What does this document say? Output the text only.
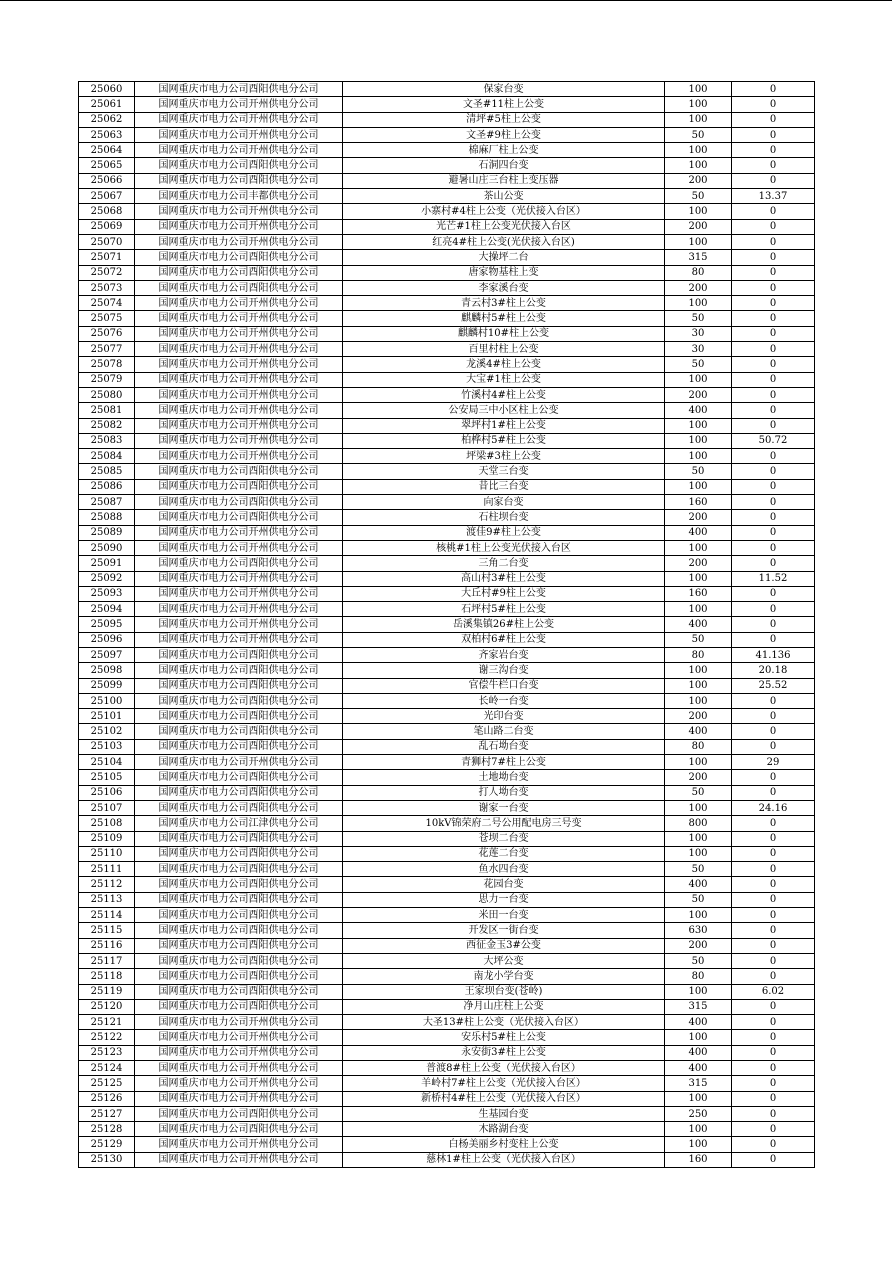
25060	国网重庆市电力公司酉阳供电分公司	保家台变	100	0
25061	国网重庆市电力公司开州供电分公司	文圣#11柱上公变	100	0
25062	国网重庆市电力公司开州供电分公司	清坪#5柱上公变	100	0
25063	国网重庆市电力公司开州供电分公司	文圣#9柱上公变	50	0
25064	国网重庆市电力公司开州供电分公司	棉麻厂柱上公变	100	0
25065	国网重庆市电力公司酉阳供电分公司	石洞四台变	100	0
25066	国网重庆市电力公司酉阳供电分公司	避暑山庄三台柱上变压器	200	0
25067	国网重庆市电力公司丰都供电分公司	茶山公变	50	13.37
25068	国网重庆市电力公司开州供电分公司	小寨村#4柱上公变（光伏接入台区）	100	0
25069	国网重庆市电力公司开州供电分公司	光芒#1柱上公变光伏接入台区	200	0
25070	国网重庆市电力公司开州供电分公司	红亮4#柱上公变(光伏接入台区)	100	0
25071	国网重庆市电力公司酉阳供电分公司	大操坪二台	315	0
25072	国网重庆市电力公司酉阳供电分公司	唐家物基柱上变	80	0
25073	国网重庆市电力公司酉阳供电分公司	李家溪台变	200	0
25074	国网重庆市电力公司开州供电分公司	青云村3#柱上公变	100	0
25075	国网重庆市电力公司开州供电分公司	麒麟村5#柱上公变	50	0
25076	国网重庆市电力公司开州供电分公司	麒麟村10#柱上公变	30	0
25077	国网重庆市电力公司开州供电分公司	百里村柱上公变	30	0
25078	国网重庆市电力公司开州供电分公司	龙溪4#柱上公变	50	0
25079	国网重庆市电力公司开州供电分公司	大宝#1柱上公变	100	0
25080	国网重庆市电力公司开州供电分公司	竹溪村4#柱上公变	200	0
25081	国网重庆市电力公司开州供电分公司	公安局三中小区柱上公变	400	0
25082	国网重庆市电力公司开州供电分公司	翠坪村1#柱上公变	100	0
25083	国网重庆市电力公司开州供电分公司	柏桦村5#柱上公变	100	50.72
25084	国网重庆市电力公司开州供电分公司	坪梁#3柱上公变	100	0
25085	国网重庆市电力公司酉阳供电分公司	天堂三台变	50	0
25086	国网重庆市电力公司酉阳供电分公司	昔比三台变	100	0
25087	国网重庆市电力公司酉阳供电分公司	向家台变	160	0
25088	国网重庆市电力公司酉阳供电分公司	石柱坝台变	200	0
25089	国网重庆市电力公司开州供电分公司	渡佳9#柱上公变	400	0
25090	国网重庆市电力公司开州供电分公司	核桃#1柱上公变光伏接入台区	100	0
25091	国网重庆市电力公司酉阳供电分公司	三角二台变	200	0
25092	国网重庆市电力公司开州供电分公司	高山村3#柱上公变	100	11.52
25093	国网重庆市电力公司开州供电分公司	大丘村#9柱上公变	160	0
25094	国网重庆市电力公司开州供电分公司	石坪村5#柱上公变	100	0
25095	国网重庆市电力公司开州供电分公司	岳溪集镇26#柱上公变	400	0
25096	国网重庆市电力公司开州供电分公司	双柏村6#柱上公变	50	0
25097	国网重庆市电力公司酉阳供电分公司	齐家岩台变	80	41.136
25098	国网重庆市电力公司酉阳供电分公司	谢三沟台变	100	20.18
25099	国网重庆市电力公司酉阳供电分公司	官偿牛栏口台变	100	25.52
25100	国网重庆市电力公司酉阳供电分公司	长岭一台变	100	0
25101	国网重庆市电力公司酉阳供电分公司	光印台变	200	0
25102	国网重庆市电力公司酉阳供电分公司	笔山路二台变	400	0
25103	国网重庆市电力公司酉阳供电分公司	乱石坳台变	80	0
25104	国网重庆市电力公司开州供电分公司	青狮村7#柱上公变	100	29
25105	国网重庆市电力公司酉阳供电分公司	土地坳台变	200	0
25106	国网重庆市电力公司酉阳供电分公司	打人坳台变	50	0
25107	国网重庆市电力公司酉阳供电分公司	谢家一台变	100	24.16
25108	国网重庆市电力公司江津供电分公司	10kV锦荣府二号公用配电房三号变	800	0
25109	国网重庆市电力公司酉阳供电分公司	苍坝二台变	100	0
25110	国网重庆市电力公司酉阳供电分公司	花莲二台变	100	0
25111	国网重庆市电力公司酉阳供电分公司	鱼水四台变	50	0
25112	国网重庆市电力公司酉阳供电分公司	花园台变	400	0
25113	国网重庆市电力公司酉阳供电分公司	思力一台变	50	0
25114	国网重庆市电力公司酉阳供电分公司	米田一台变	100	0
25115	国网重庆市电力公司酉阳供电分公司	开发区一街台变	630	0
25116	国网重庆市电力公司酉阳供电分公司	西征金玉3#公变	200	0
25117	国网重庆市电力公司酉阳供电分公司	大坪公变	50	0
25118	国网重庆市电力公司酉阳供电分公司	南龙小学台变	80	0
25119	国网重庆市电力公司酉阳供电分公司	王家坝台变(苍岭)	100	6.02
25120	国网重庆市电力公司酉阳供电分公司	净月山庄柱上公变	315	0
25121	国网重庆市电力公司开州供电分公司	大圣13#柱上公变（光伏接入台区）	400	0
25122	国网重庆市电力公司开州供电分公司	安乐村5#柱上公变	100	0
25123	国网重庆市电力公司开州供电分公司	永安街3#柱上公变	400	0
25124	国网重庆市电力公司开州供电分公司	普渡8#柱上公变（光伏接入台区）	400	0
25125	国网重庆市电力公司开州供电分公司	羊岭村7#柱上公变（光伏接入台区）	315	0
25126	国网重庆市电力公司开州供电分公司	新桥村4#柱上公变（光伏接入台区）	100	0
25127	国网重庆市电力公司酉阳供电分公司	生基园台变	250	0
25128	国网重庆市电力公司酉阳供电分公司	木路湖台变	100	0
25129	国网重庆市电力公司开州供电分公司	白杨美丽乡村变柱上公变	100	0
25130	国网重庆市电力公司开州供电分公司	慈林1#柱上公变（光伏接入台区）	160	0
